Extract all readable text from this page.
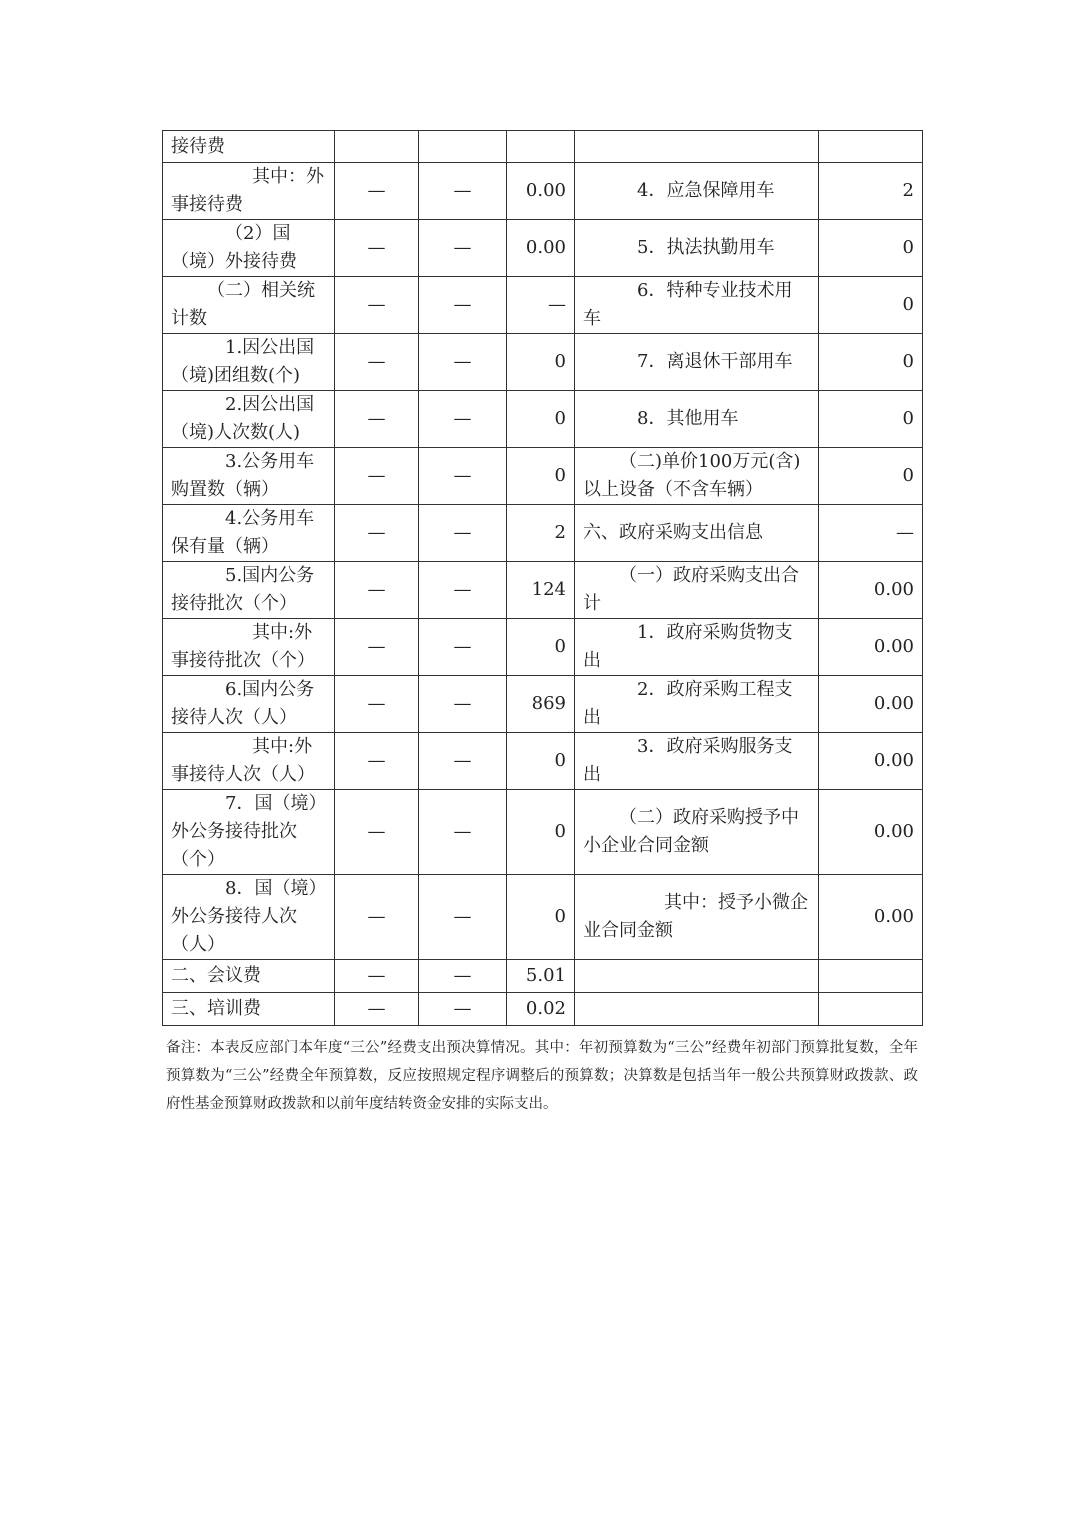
接待费					

其中：外事接待费	—	—	0.00	4．应急保障用车	2

（2）国（境）外接待费	—	—	0.00	5．执法执勤用车	0

（二）相关统计数	—	—	—	6．特种专业技术用车	0

1.因公出国（境)团组数(个)	—	—	0	7．离退休干部用车	0

2.因公出国（境)人次数(人)	—	—	0	8．其他用车	0

3.公务用车购置数（辆）	—	—	0	（二)单价100万元(含)以上设备（不含车辆）	0

4.公务用车保有量（辆）	—	—	2	六、政府采购支出信息	—

5.国内公务接待批次（个）	—	—	124	（一）政府采购支出合计	0.00

其中:外事接待批次（个）	—	—	0	1．政府采购货物支出	0.00

6.国内公务接待人次（人）	—	—	869	2．政府采购工程支出	0.00

其中:外事接待人次（人）	—	—	0	3．政府采购服务支出	0.00

7．国（境）外公务接待批次（个）	—	—	0	（二）政府采购授予中小企业合同金额	0.00

8．国（境）外公务接待人次（人）	—	—	0	其中：授予小微企业合同金额	0.00
二、会议费	—	—	5.01		
三、培训费	—	—	0.02		
备注：本表反应部门本年度“三公”经费支出预决算情况。其中：年初预算数为“三公”经费年初部门预算批复数，全年预算数为“三公”经费全年预算数，反应按照规定程序调整后的预算数；决算数是包括当年一般公共预算财政拨款、政府性基金预算财政拨款和以前年度结转资金安排的实际支出。
